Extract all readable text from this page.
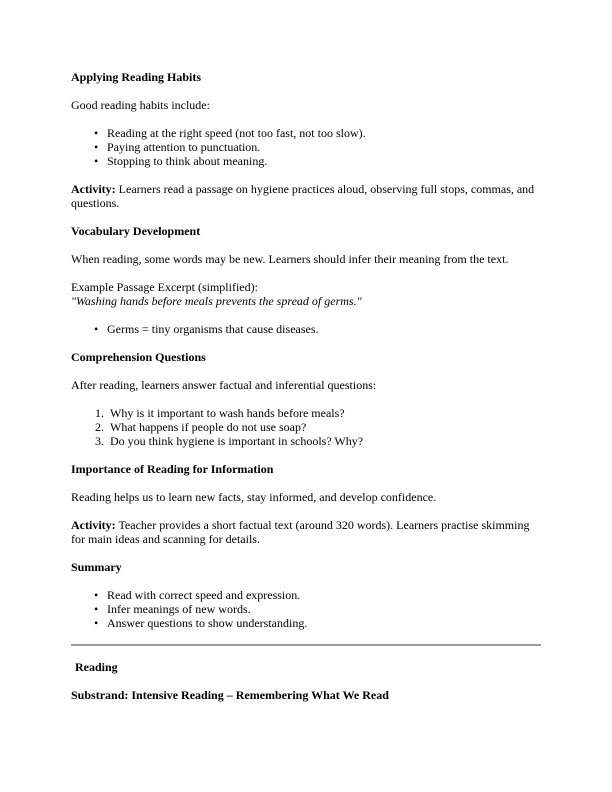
Applying Reading Habits
Good reading habits include:
• Reading at the right speed (not too fast, not too slow).
• Paying attention to punctuation.
• Stopping to think about meaning.
Activity: Learners read a passage on hygiene practices aloud, observing full stops, commas, and questions.
Vocabulary Development
When reading, some words may be new. Learners should infer their meaning from the text.
Example Passage Excerpt (simplified):
"Washing hands before meals prevents the spread of germs."
• Germs = tiny organisms that cause diseases.
Comprehension Questions
After reading, learners answer factual and inferential questions:
1. Why is it important to wash hands before meals?
2. What happens if people do not use soap?
3. Do you think hygiene is important in schools? Why?
Importance of Reading for Information
Reading helps us to learn new facts, stay informed, and develop confidence.
Activity: Teacher provides a short factual text (around 320 words). Learners practise skimming for main ideas and scanning for details.
Summary
• Read with correct speed and expression.
• Infer meanings of new words.
• Answer questions to show understanding.
Reading
Substrand: Intensive Reading – Remembering What We Read
